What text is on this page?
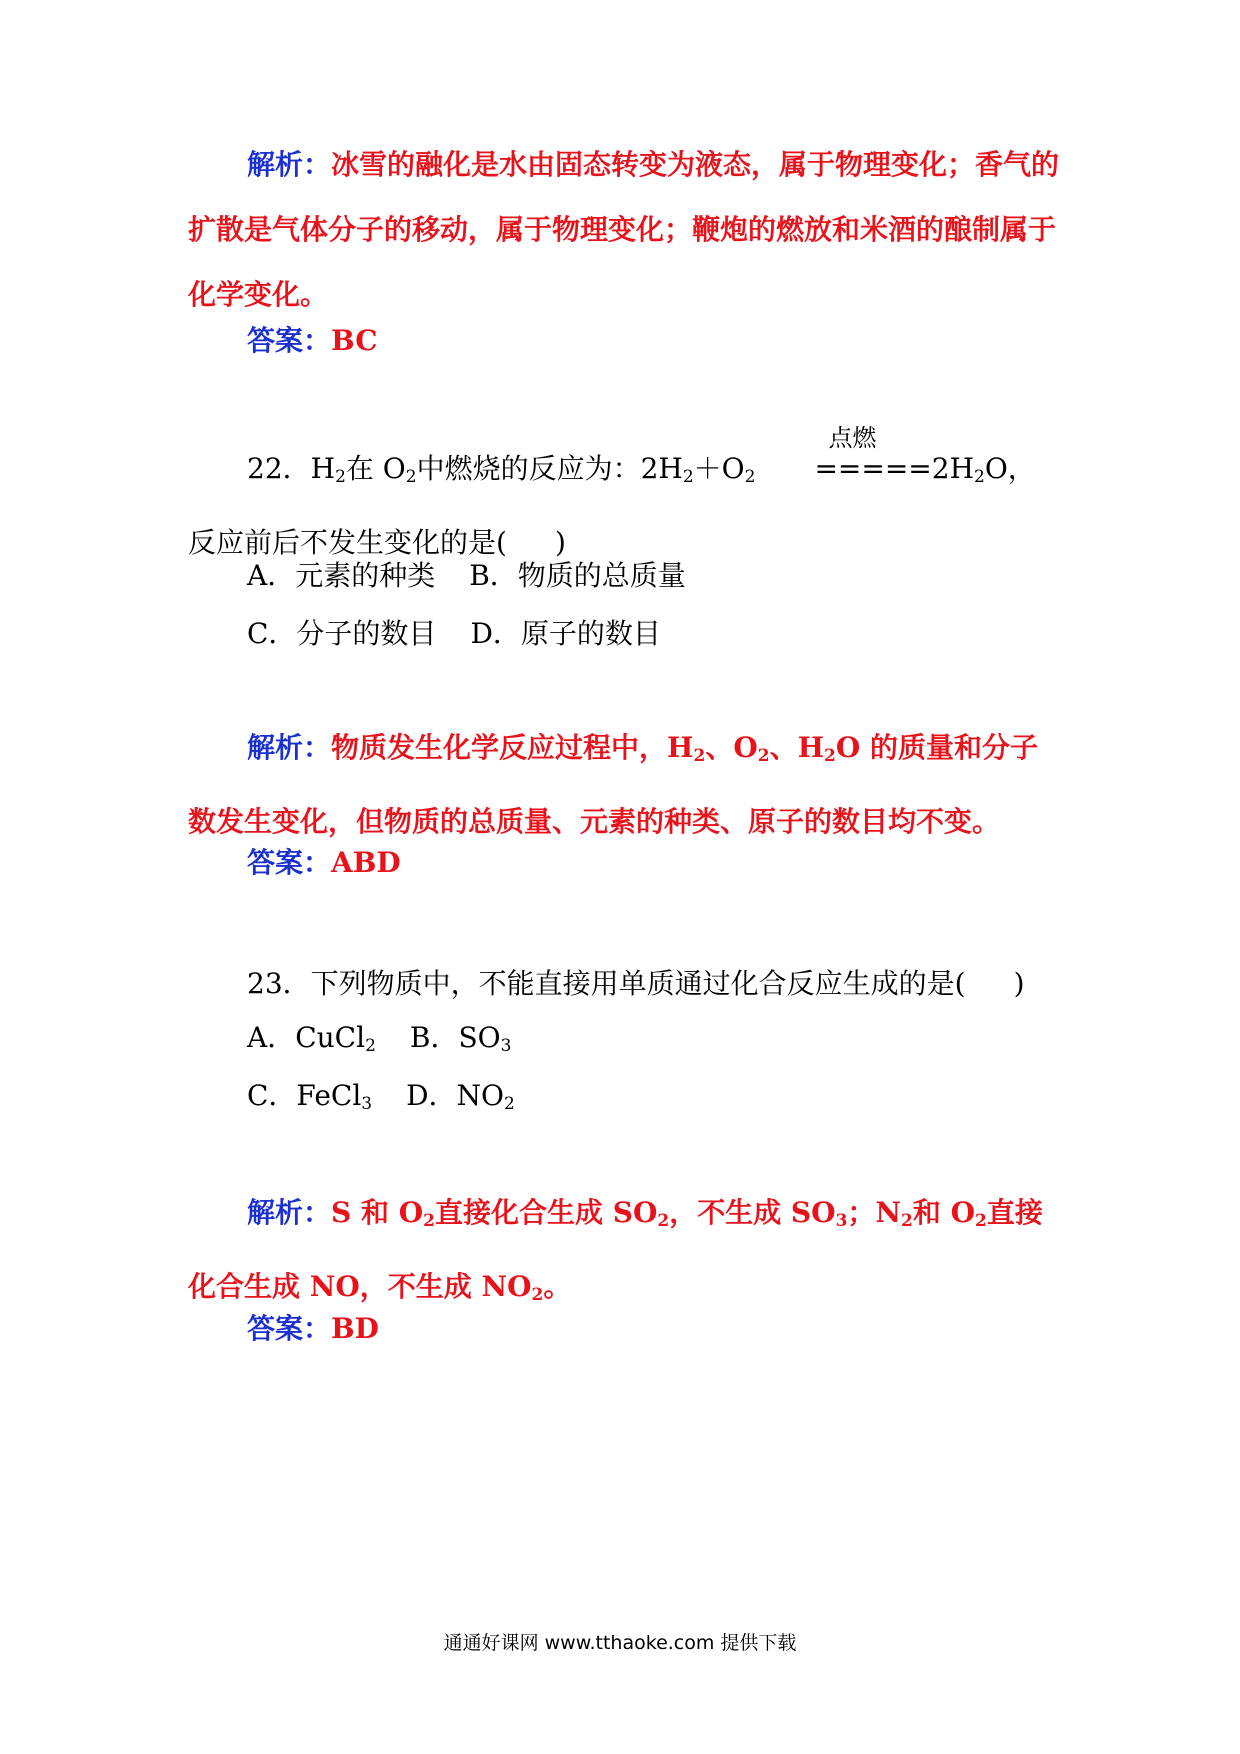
解析：冰雪的融化是水由固态转变为液态，属于物理变化；香气的扩散是气体分子的移动，属于物理变化；鞭炮的燃放和米酒的酿制属于化学变化。
答案：BC
22．$H_2$在 $O_2$中燃烧的反应为：$2H_2+O_2$
点燃
$=====2H_2O$，反应前后不发生变化的是( )
A．元素的种类 B．物质的总质量
C．分子的数目 D．原子的数目
解析：物质发生化学反应过程中，$H_2$、$O_2$、$H_2O$ 的质量和分子数发生变化，但物质的总质量、元素的种类、原子的数目均不变。
答案：ABD
23．下列物质中，不能直接用单质通过化合反应生成的是( )
A．CuCl2 B．SO3
C．FeCl3 D．NO2
解析：S 和 $O_2$直接化合生成 $SO_2$，不生成 $SO_3$；$N_2$和 $O_2$直接化合生成 NO，不生成 $NO_2$。
答案：BD
通通好课网 www.tthaoke.com 提供下载
